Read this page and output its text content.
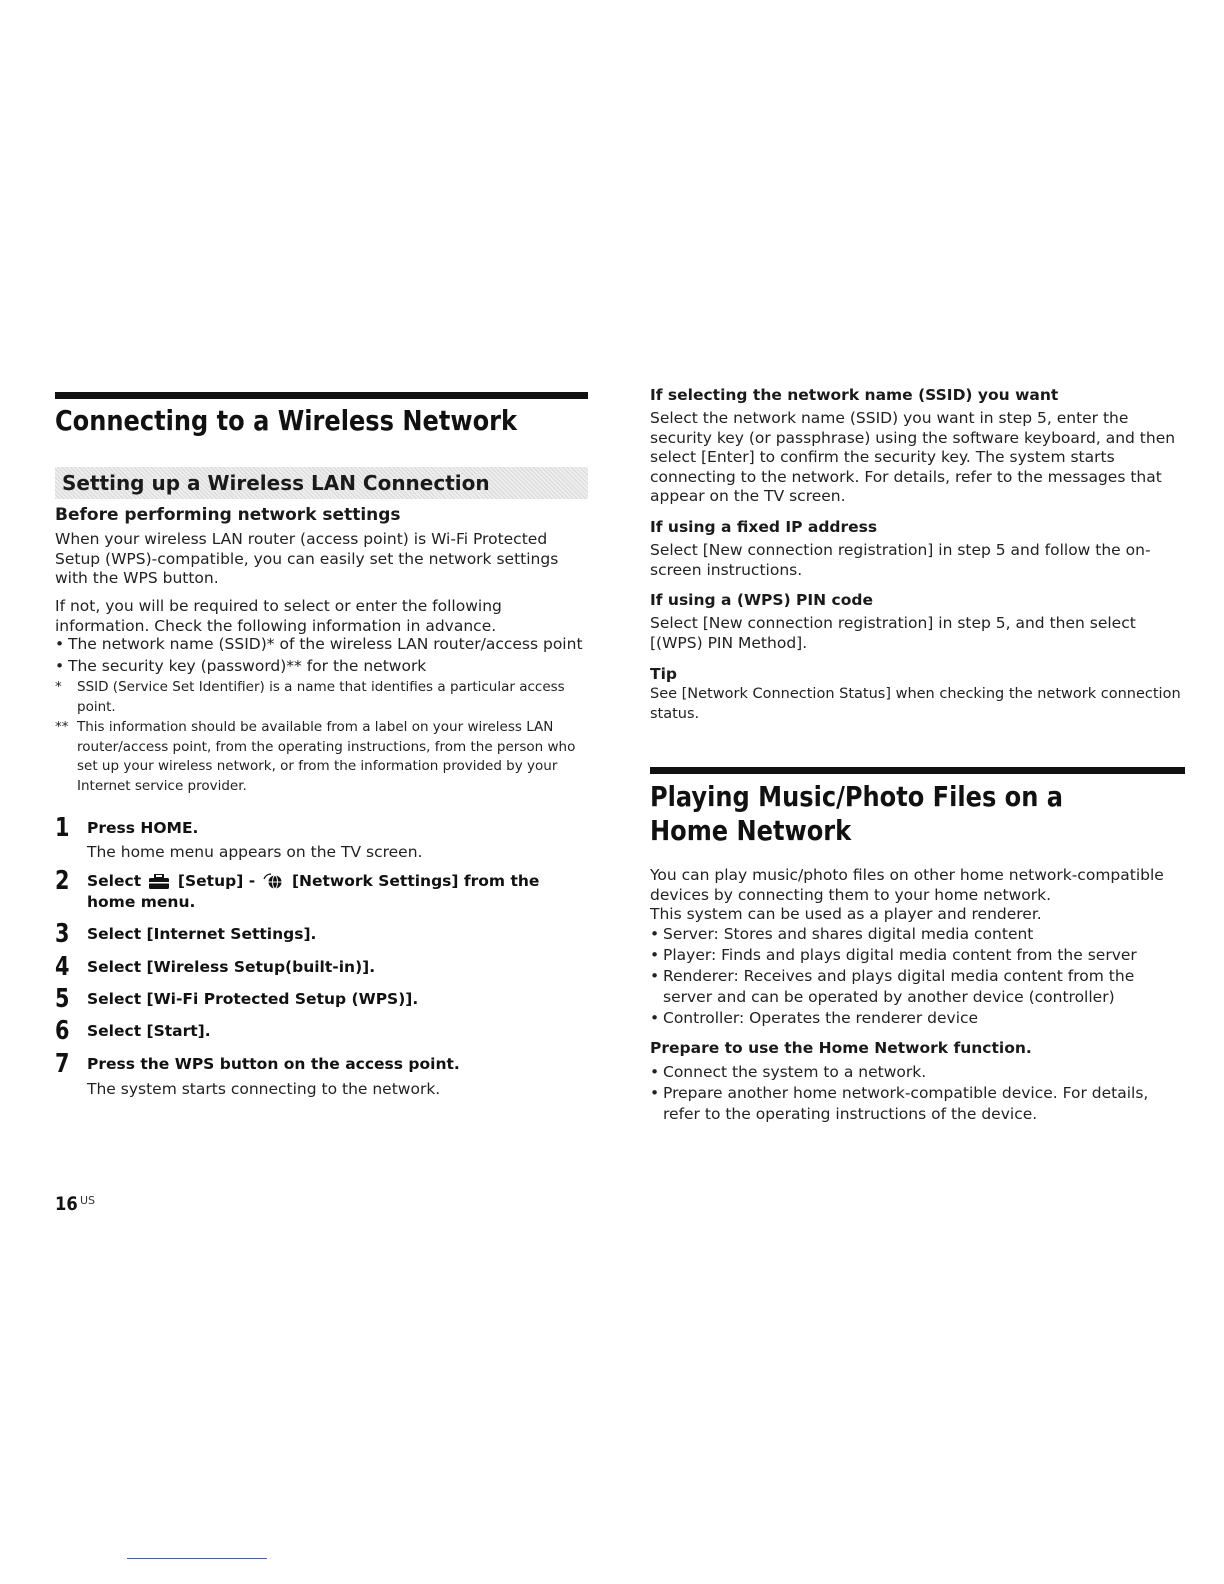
Connecting to a Wireless Network
Setting up a Wireless LAN Connection
Before performing network settings

When your wireless LAN router (access point) is Wi-Fi Protected Setup (WPS)-compatible, you can easily set the network settings with the WPS button.

If not, you will be required to select or enter the following information. Check the following information in advance.

• The network name (SSID)* of the wireless LAN router/access point
• The security key (password)** for the network
* SSID (Service Set Identifier) is a name that identifies a particular access point.
** This information should be available from a label on your wireless LAN router/access point, from the operating instructions, from the person who set up your wireless network, or from the information provided by your Internet service provider.
1 Press HOME.
The home menu appears on the TV screen.
2 Select [Setup] - [Network Settings] from the home menu.
3 Select [Internet Settings].
4 Select [Wireless Setup(built-in)].
5 Select [Wi-Fi Protected Setup (WPS)].
6 Select [Start].
7 Press the WPS button on the access point.
The system starts connecting to the network.
If selecting the network name (SSID) you want

Select the network name (SSID) you want in step 5, enter the security key (or passphrase) using the software keyboard, and then select [Enter] to confirm the security key. The system starts connecting to the network. For details, refer to the messages that appear on the TV screen.

If using a fixed IP address

Select [New connection registration] in step 5 and follow the on-screen instructions.

If using a (WPS) PIN code

Select [New connection registration] in step 5, and then select [(WPS) PIN Method].

Tip

See [Network Connection Status] when checking the network connection status.

Playing Music/Photo Files on a Home Network

You can play music/photo files on other home network-compatible devices by connecting them to your home network.

This system can be used as a player and renderer.

• Server: Stores and shares digital media content
• Player: Finds and plays digital media content from the server
• Renderer: Receives and plays digital media content from the server and can be operated by another device (controller)
• Controller: Operates the renderer device
Prepare to use the Home Network function.
• Connect the system to a network.
• Prepare another home network-compatible device. For details, refer to the operating instructions of the device.
16 US
